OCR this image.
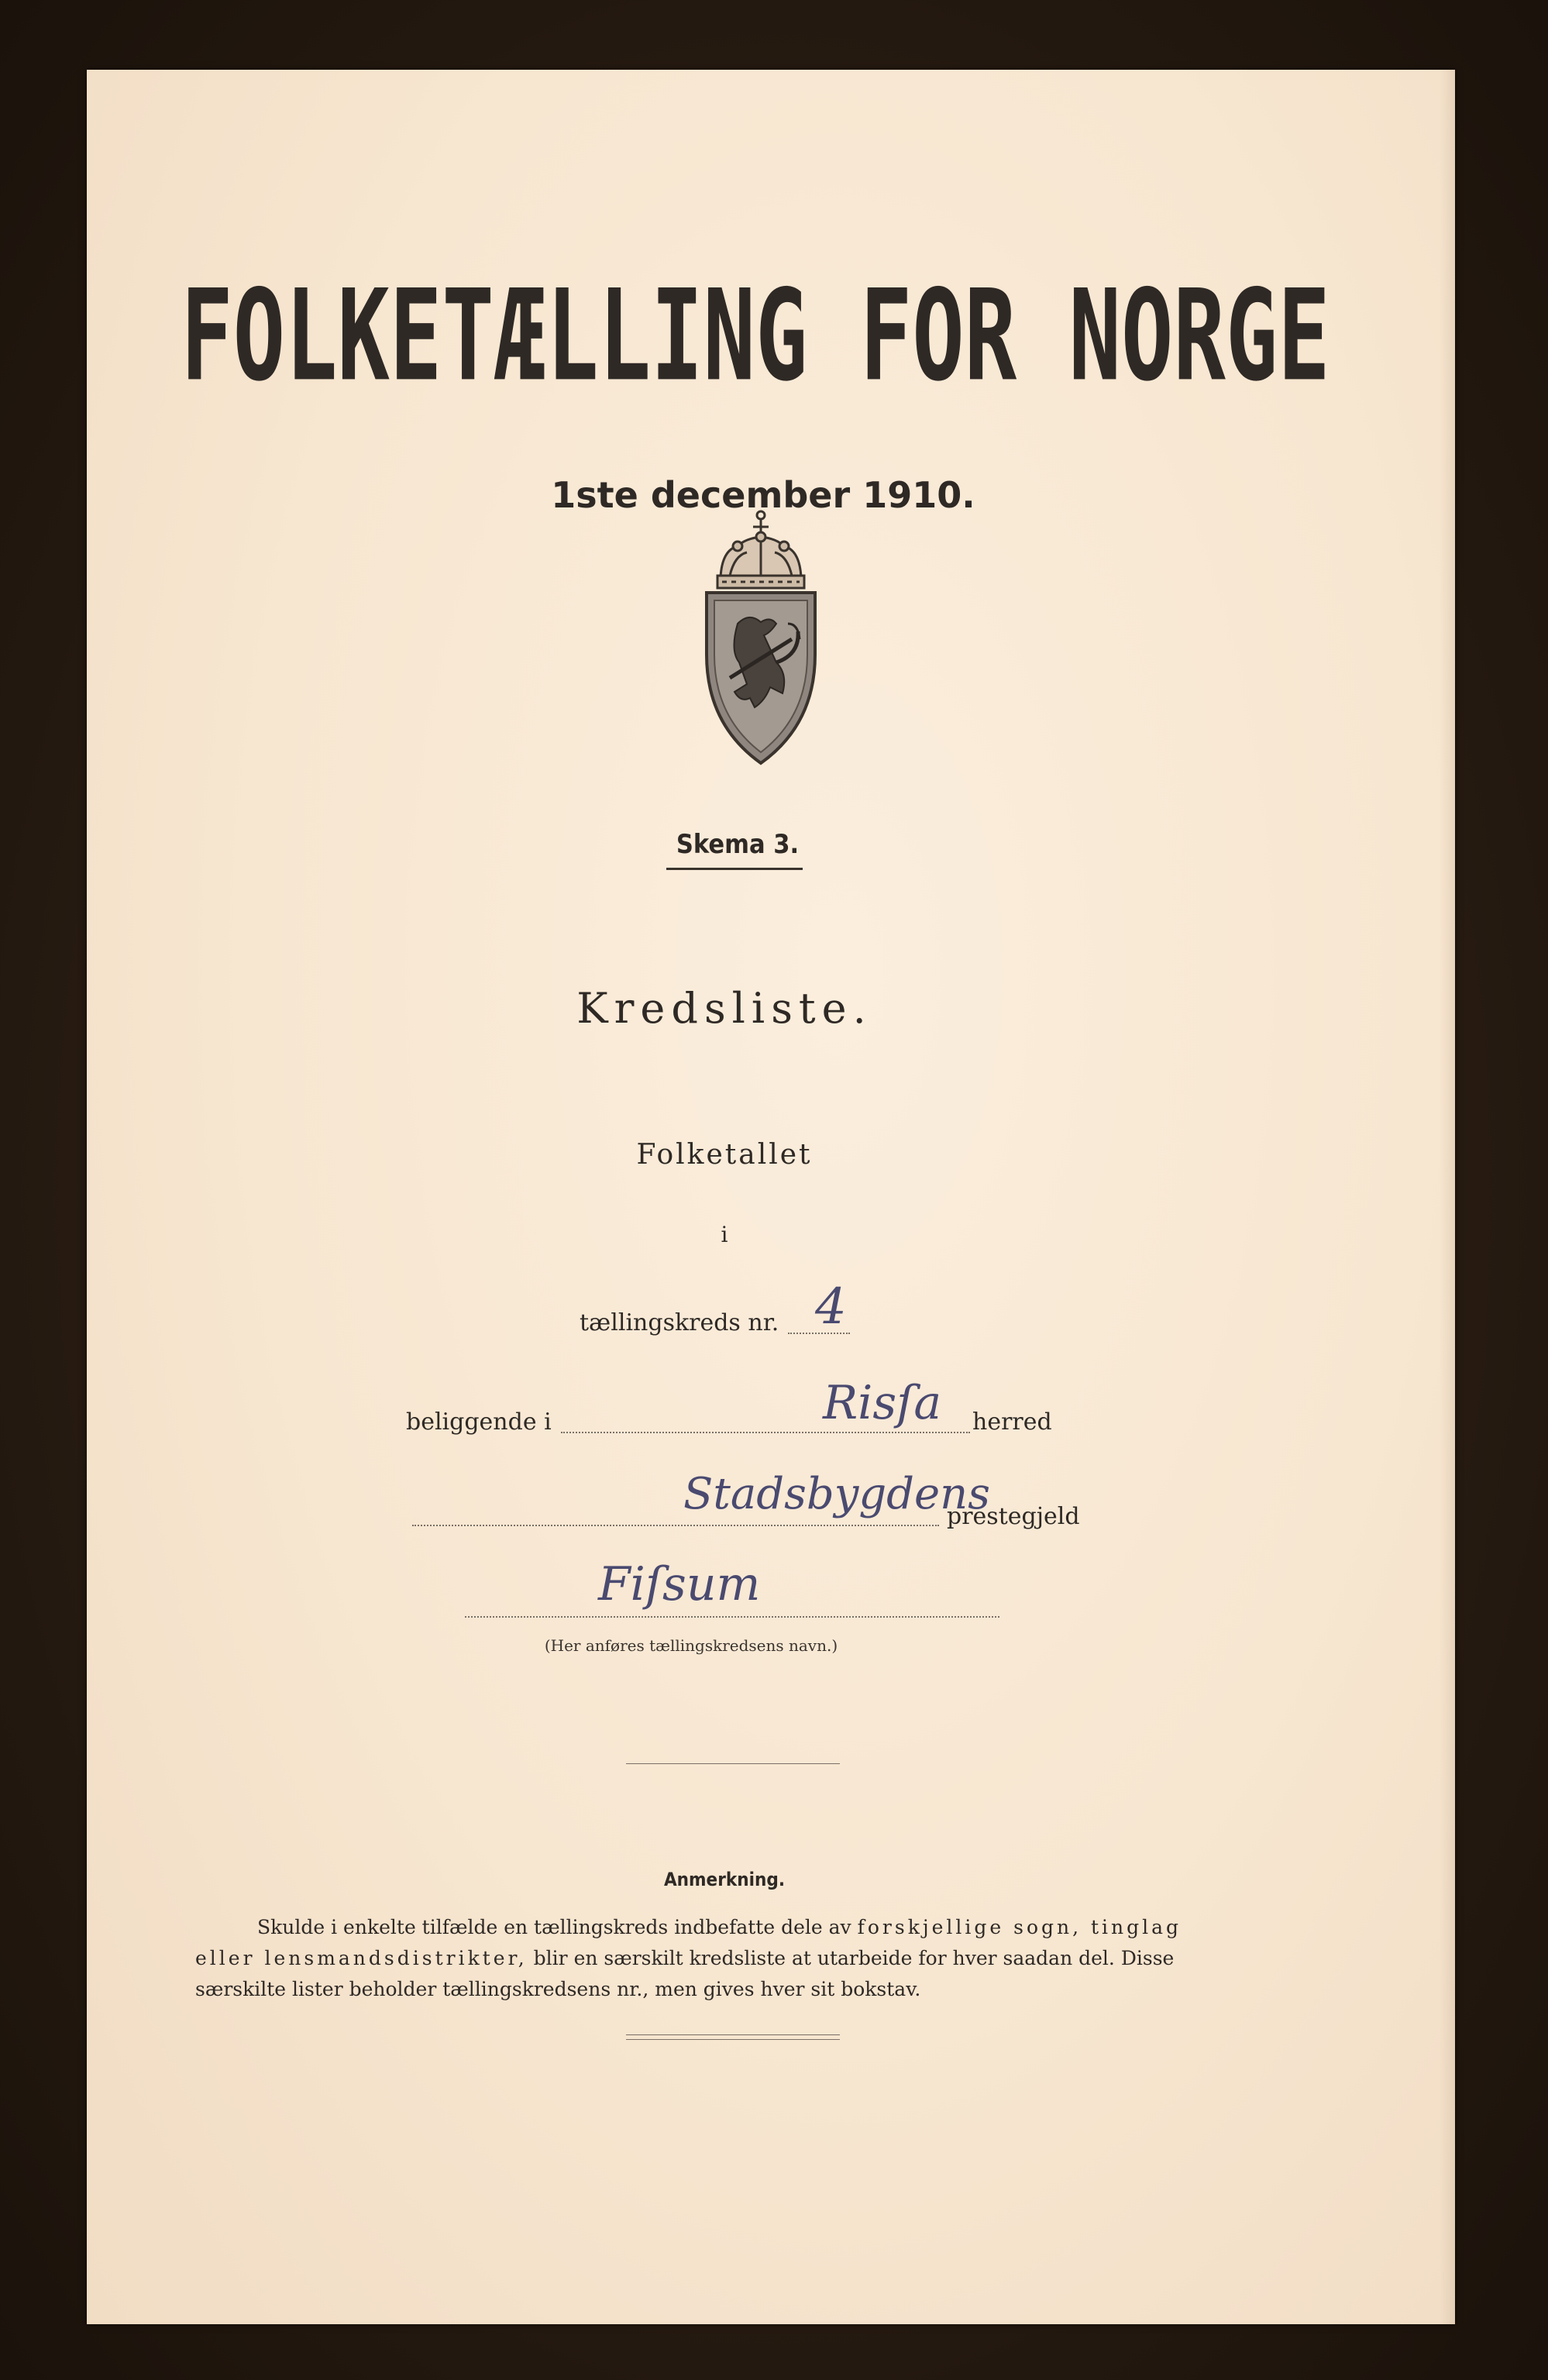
FOLKETÆLLING FOR NORGE
1ste december 1910.
Skema 3.
Kredsliste.
Folketallet
i
tællingskreds nr. 4
beliggende i	Risſa herred
Stadsbygdens
prestegjeld
Fiſsum
(Her anføres tællingskredsens navn.)
Anmerkning.
Skulde i enkelte tilfælde en tællingskreds indbefatte dele av forskjellige sogn, tinglag
eller lensmandsdistrikter, blir en særskilt kredsliste at utarbeide for hver saadan del. Disse
særskilte lister beholder tællingskredsens nr., men gives hver sit bokstav.
